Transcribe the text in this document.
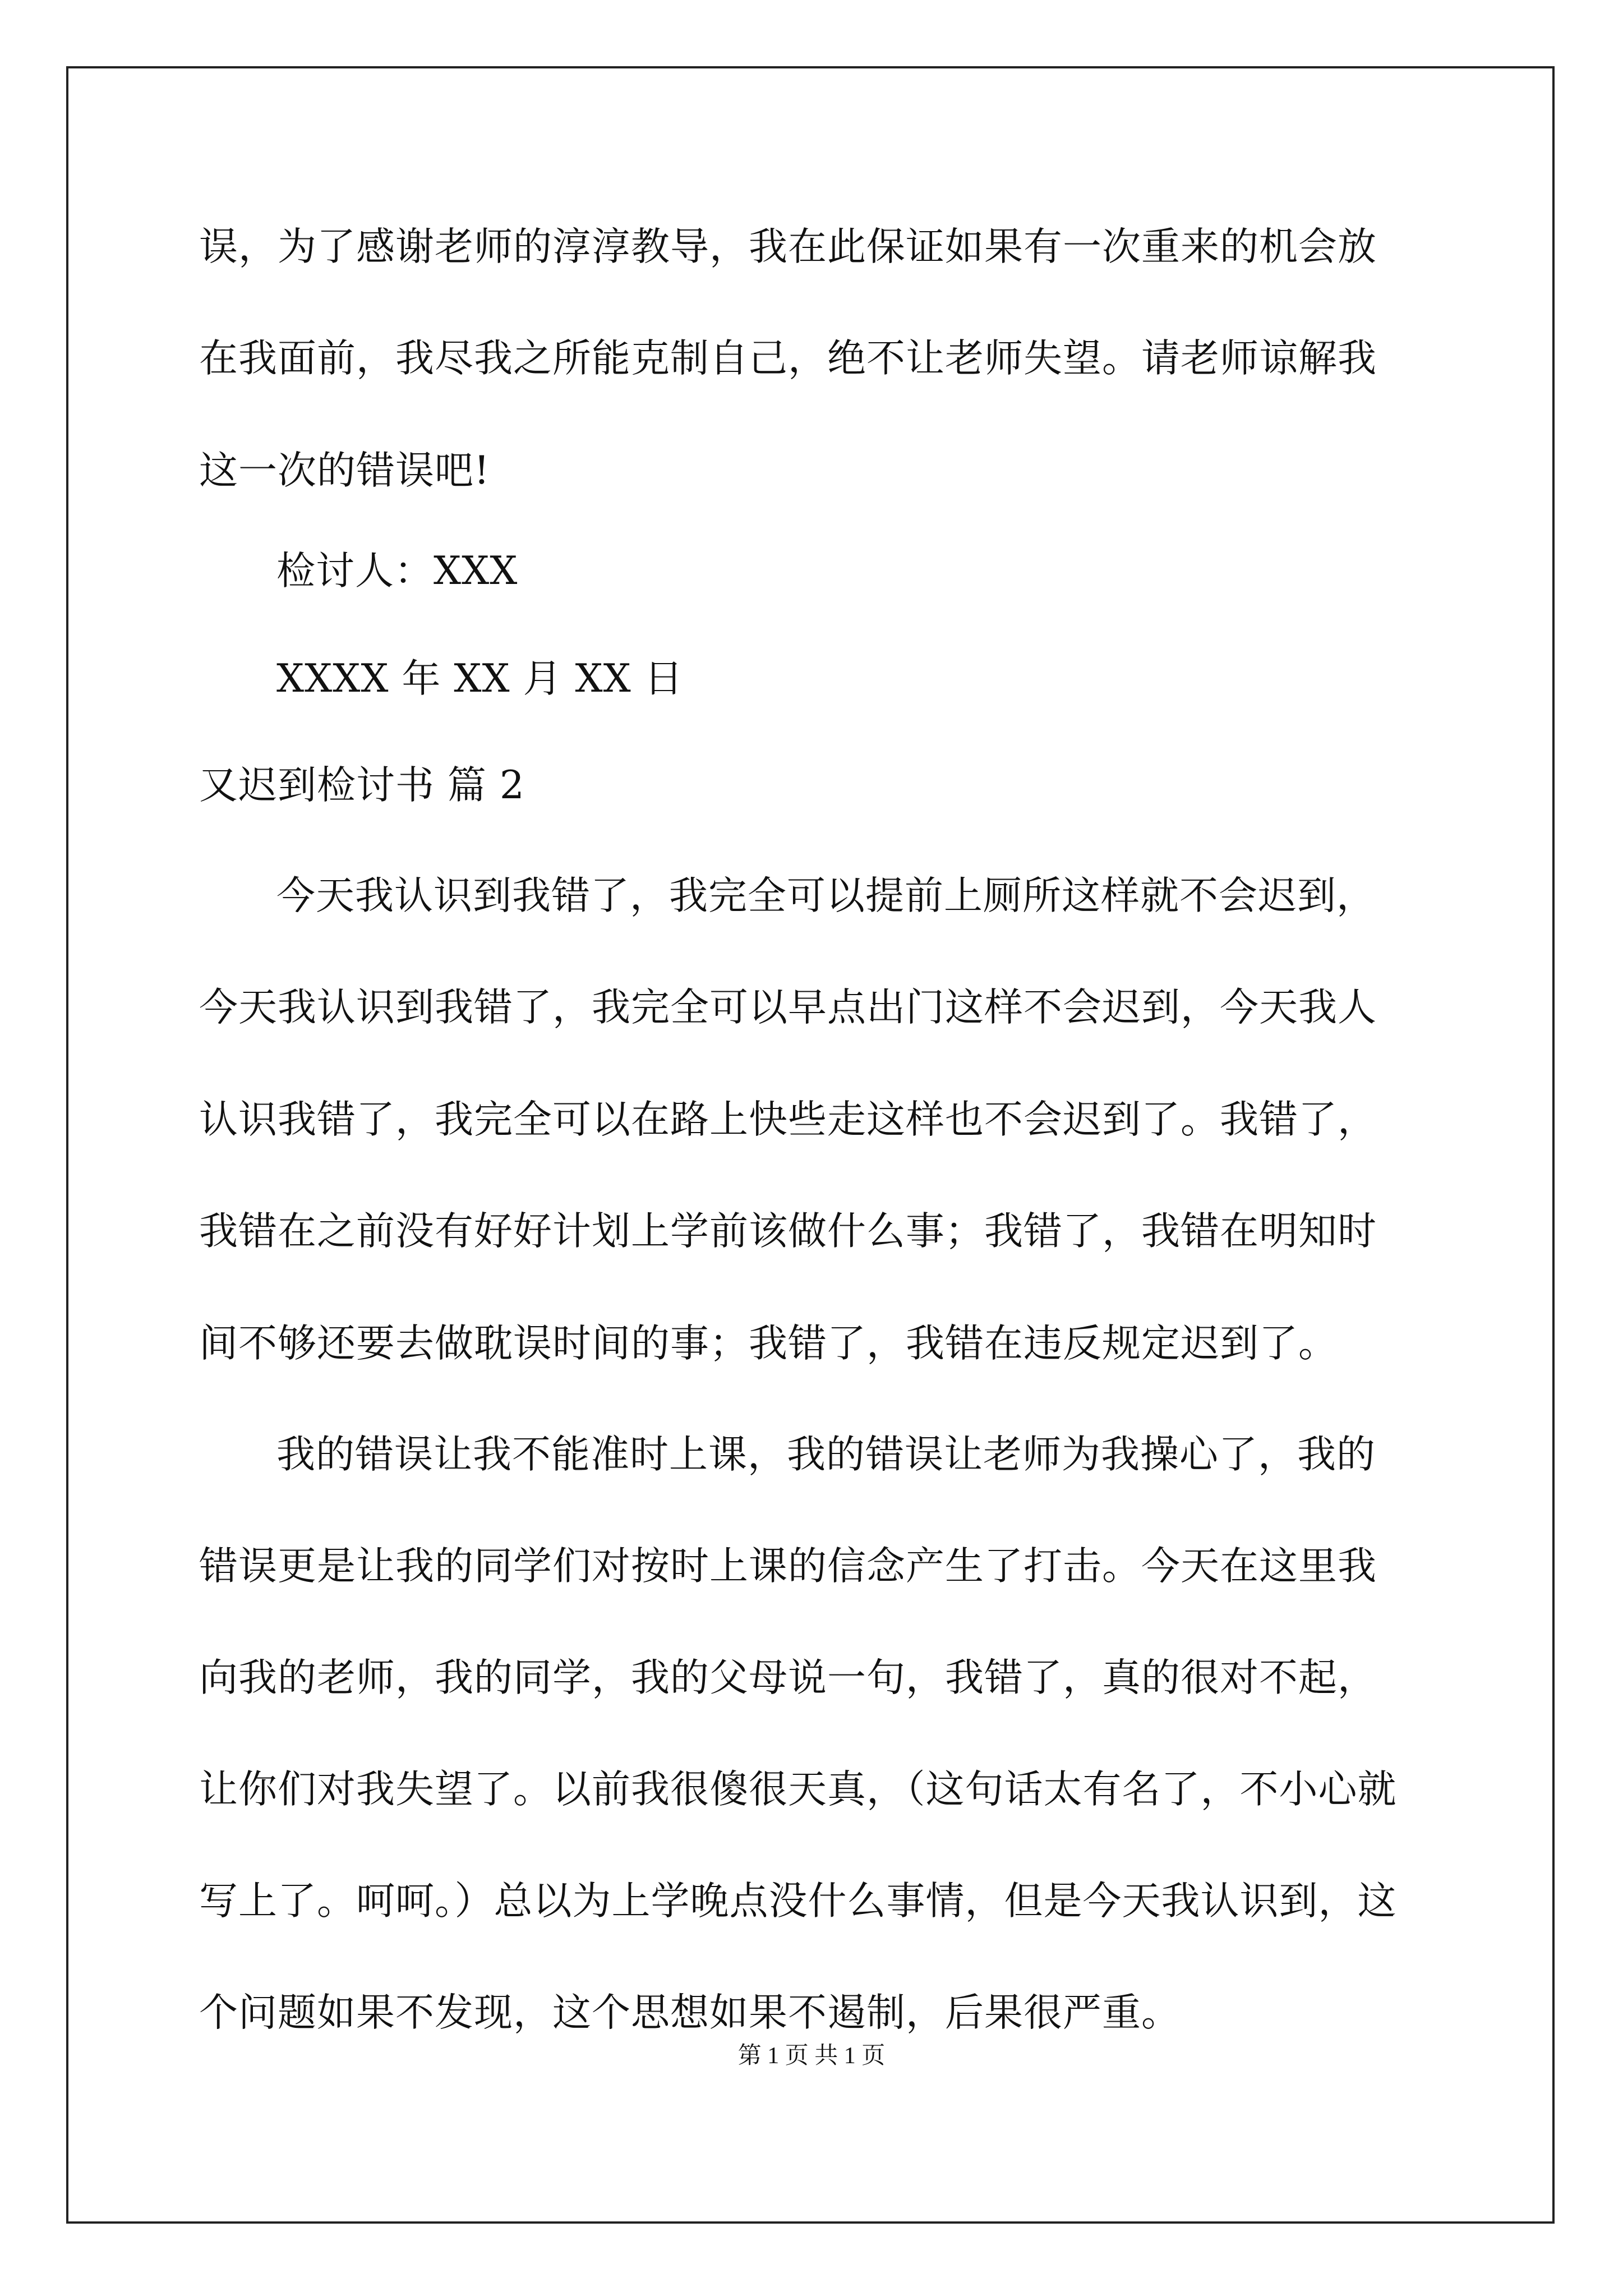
误，为了感谢老师的淳淳教导，我在此保证如果有一次重来的机会放
在我面前，我尽我之所能克制自己，绝不让老师失望。请老师谅解我
这一次的错误吧!
检讨人：XXX
XXXX 年 XX 月 XX 日
又迟到检讨书 篇 2
今天我认识到我错了，我完全可以提前上厕所这样就不会迟到，
今天我认识到我错了，我完全可以早点出门这样不会迟到，今天我人
认识我错了，我完全可以在路上快些走这样也不会迟到了。我错了，
我错在之前没有好好计划上学前该做什么事；我错了，我错在明知时
间不够还要去做耽误时间的事；我错了，我错在违反规定迟到了。
我的错误让我不能准时上课，我的错误让老师为我操心了，我的
错误更是让我的同学们对按时上课的信念产生了打击。今天在这里我
向我的老师，我的同学，我的父母说一句，我错了，真的很对不起，
让你们对我失望了。以前我很傻很天真，（这句话太有名了，不小心就
写上了。呵呵。）总以为上学晚点没什么事情，但是今天我认识到，这
个问题如果不发现，这个思想如果不遏制，后果很严重。
第 1 页 共 1 页
